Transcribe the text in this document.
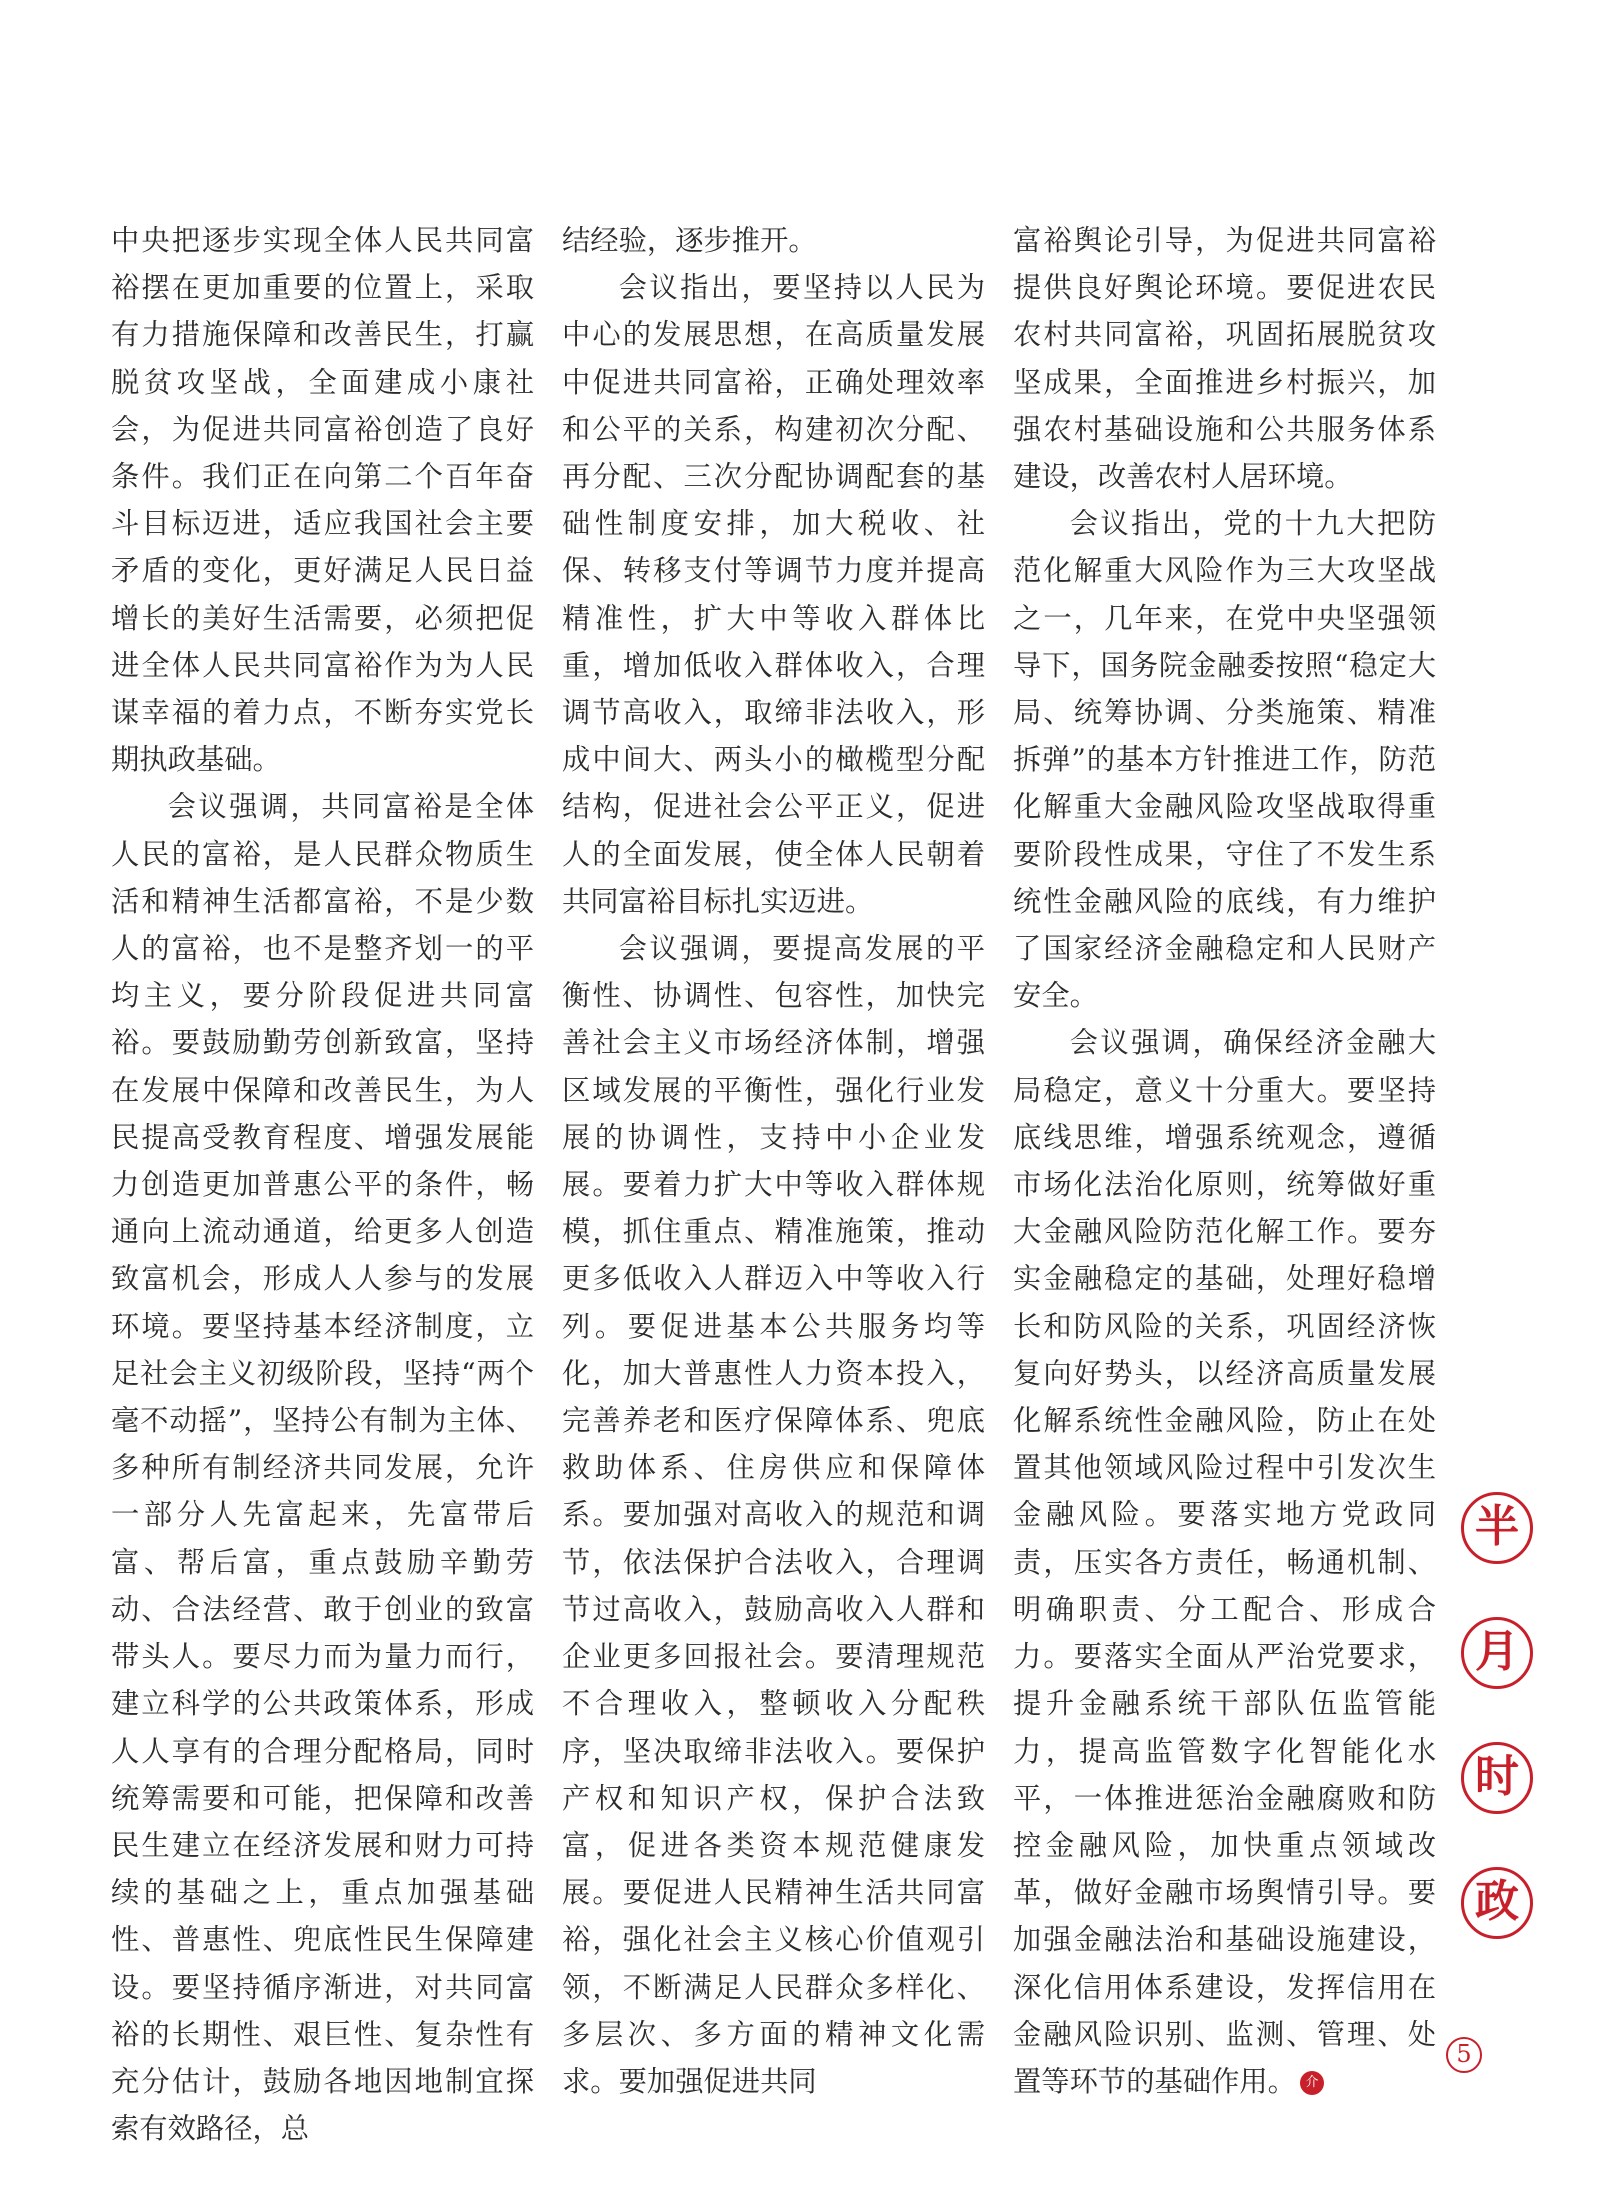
中央把逐步实现全体人民共同富裕摆在更加重要的位置上，采取有力措施保障和改善民生，打赢脱贫攻坚战，全面建成小康社会，为促进共同富裕创造了良好条件。我们正在向第二个百年奋斗目标迈进，适应我国社会主要矛盾的变化，更好满足人民日益增长的美好生活需要，必须把促进全体人民共同富裕作为为人民谋幸福的着力点，不断夯实党长期执政基础。

会议强调，共同富裕是全体人民的富裕，是人民群众物质生活和精神生活都富裕，不是少数人的富裕，也不是整齐划一的平均主义，要分阶段促进共同富裕。要鼓励勤劳创新致富，坚持在发展中保障和改善民生，为人民提高受教育程度、增强发展能力创造更加普惠公平的条件，畅通向上流动通道，给更多人创造致富机会，形成人人参与的发展环境。要坚持基本经济制度，立足社会主义初级阶段，坚持“两个毫不动摇”，坚持公有制为主体、多种所有制经济共同发展，允许一部分人先富起来，先富带后富、帮后富，重点鼓励辛勤劳动、合法经营、敢于创业的致富带头人。要尽力而为量力而行，建立科学的公共政策体系，形成人人享有的合理分配格局，同时统筹需要和可能，把保障和改善民生建立在经济发展和财力可持续的基础之上，重点加强基础性、普惠性、兜底性民生保障建设。要坚持循序渐进，对共同富裕的长期性、艰巨性、复杂性有充分估计，鼓励各地因地制宜探索有效路径，总

结经验，逐步推开。

会议指出，要坚持以人民为中心的发展思想，在高质量发展中促进共同富裕，正确处理效率和公平的关系，构建初次分配、再分配、三次分配协调配套的基础性制度安排，加大税收、社保、转移支付等调节力度并提高精准性，扩大中等收入群体比重，增加低收入群体收入，合理调节高收入，取缔非法收入，形成中间大、两头小的橄榄型分配结构，促进社会公平正义，促进人的全面发展，使全体人民朝着共同富裕目标扎实迈进。

会议强调，要提高发展的平衡性、协调性、包容性，加快完善社会主义市场经济体制，增强区域发展的平衡性，强化行业发展的协调性，支持中小企业发展。要着力扩大中等收入群体规模，抓住重点、精准施策，推动更多低收入人群迈入中等收入行列。要促进基本公共服务均等化，加大普惠性人力资本投入，完善养老和医疗保障体系、兜底救助体系、住房供应和保障体系。要加强对高收入的规范和调节，依法保护合法收入，合理调节过高收入，鼓励高收入人群和企业更多回报社会。要清理规范不合理收入，整顿收入分配秩序，坚决取缔非法收入。要保护产权和知识产权，保护合法致富，促进各类资本规范健康发展。要促进人民精神生活共同富裕，强化社会主义核心价值观引领，不断满足人民群众多样化、多层次、多方面的精神文化需求。要加强促进共同

富裕舆论引导，为促进共同富裕提供良好舆论环境。要促进农民农村共同富裕，巩固拓展脱贫攻坚成果，全面推进乡村振兴，加强农村基础设施和公共服务体系建设，改善农村人居环境。

会议指出，党的十九大把防范化解重大风险作为三大攻坚战之一，几年来，在党中央坚强领导下，国务院金融委按照“稳定大局、统筹协调、分类施策、精准拆弹”的基本方针推进工作，防范化解重大金融风险攻坚战取得重要阶段性成果，守住了不发生系统性金融风险的底线，有力维护了国家经济金融稳定和人民财产安全。

会议强调，确保经济金融大局稳定，意义十分重大。要坚持底线思维，增强系统观念，遵循市场化法治化原则，统筹做好重大金融风险防范化解工作。要夯实金融稳定的基础，处理好稳增长和防风险的关系，巩固经济恢复向好势头，以经济高质量发展化解系统性金融风险，防止在处置其他领域风险过程中引发次生金融风险。要落实地方党政同责，压实各方责任，畅通机制、明确职责、分工配合、形成合力。要落实全面从严治党要求，提升金融系统干部队伍监管能力，提高监管数字化智能化水平，一体推进惩治金融腐败和防控金融风险，加快重点领域改革，做好金融市场舆情引导。要加强金融法治和基础设施建设，深化信用体系建设，发挥信用在金融风险识别、监测、管理、处置等环节的基础作用。 介

半
月
时
政
5
